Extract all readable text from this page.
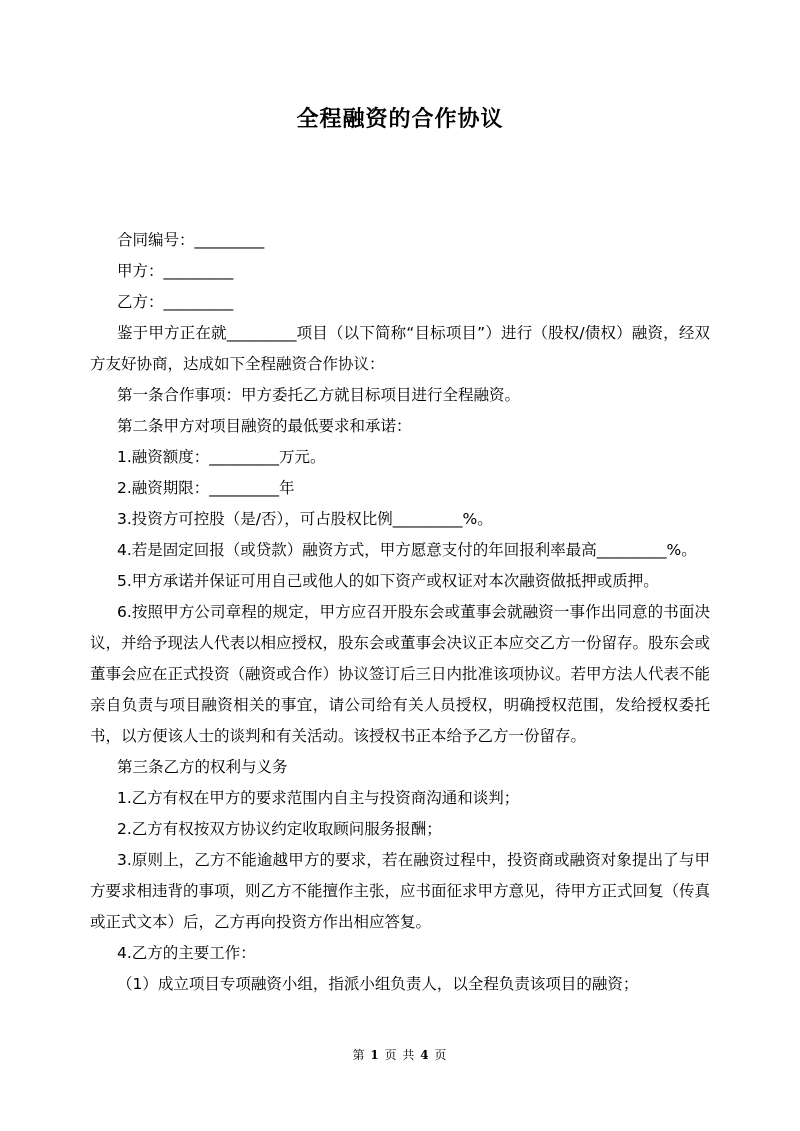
全程融资的合作协议

合同编号：_________

甲方：_________

乙方：_________

鉴于甲方正在就_________项目（以下简称“目标项目”）进行（股权/债权）融资，经双方友好协商，达成如下全程融资合作协议：

第一条合作事项：甲方委托乙方就目标项目进行全程融资。

第二条甲方对项目融资的最低要求和承诺：

1.融资额度：_________万元。

2.融资期限：_________年

3.投资方可控股（是/否），可占股权比例_________%。

4.若是固定回报（或贷款）融资方式，甲方愿意支付的年回报利率最高_________%。

5.甲方承诺并保证可用自己或他人的如下资产或权证对本次融资做抵押或质押。

6.按照甲方公司章程的规定，甲方应召开股东会或董事会就融资一事作出同意的书面决议，并给予现法人代表以相应授权，股东会或董事会决议正本应交乙方一份留存。股东会或董事会应在正式投资（融资或合作）协议签订后三日内批准该项协议。若甲方法人代表不能亲自负责与项目融资相关的事宜，请公司给有关人员授权，明确授权范围，发给授权委托书，以方便该人士的谈判和有关活动。该授权书正本给予乙方一份留存。

第三条乙方的权利与义务

1.乙方有权在甲方的要求范围内自主与投资商沟通和谈判；

2.乙方有权按双方协议约定收取顾问服务报酬；

3.原则上，乙方不能逾越甲方的要求，若在融资过程中，投资商或融资对象提出了与甲方要求相违背的事项，则乙方不能擅作主张，应书面征求甲方意见，待甲方正式回复（传真或正式文本）后，乙方再向投资方作出相应答复。

4.乙方的主要工作：

（1）成立项目专项融资小组，指派小组负责人，以全程负责该项目的融资；

第 1 页 共 4 页
